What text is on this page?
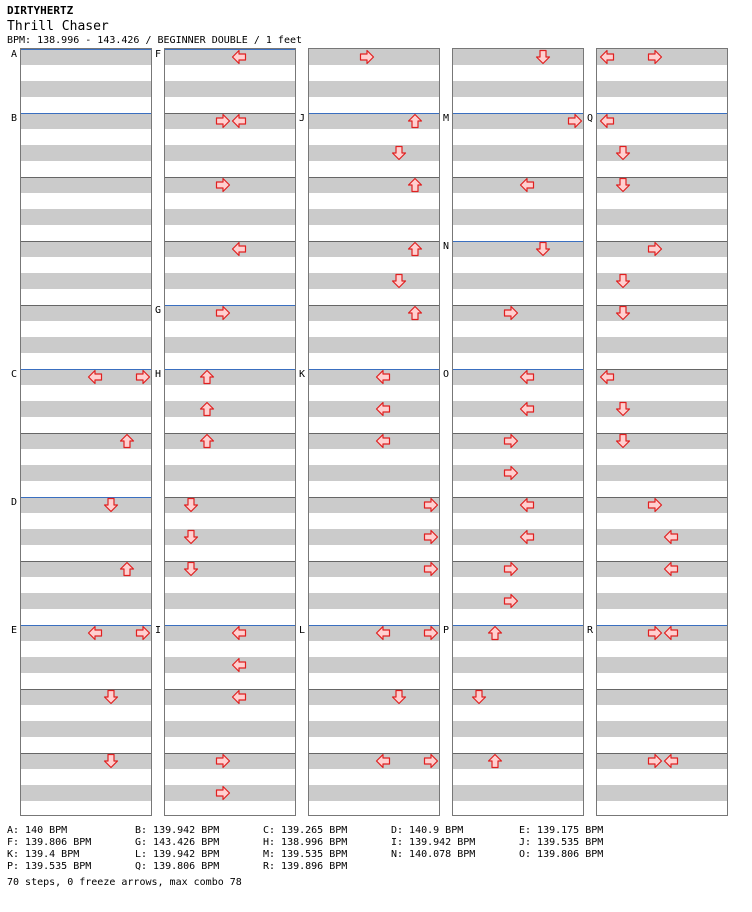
DIRTYHERTZ
Thrill Chaser
BPM: 138.996 - 143.426 / BEGINNER DOUBLE / 1 feet
A
B
C
D
E
F
G
H
I
J
K
L
M
N
O
P
Q
R
A: 140 BPM	B: 139.942 BPM	C: 139.265 BPM	D: 140.9 BPM	E: 139.175 BPM
F: 139.806 BPM	G: 143.426 BPM	H: 138.996 BPM	I: 139.942 BPM	J: 139.535 BPM
K: 139.4 BPM	L: 139.942 BPM	M: 139.535 BPM	N: 140.078 BPM	O: 139.806 BPM
P: 139.535 BPM	Q: 139.806 BPM	R: 139.896 BPM
70 steps, 0 freeze arrows, max combo 78
